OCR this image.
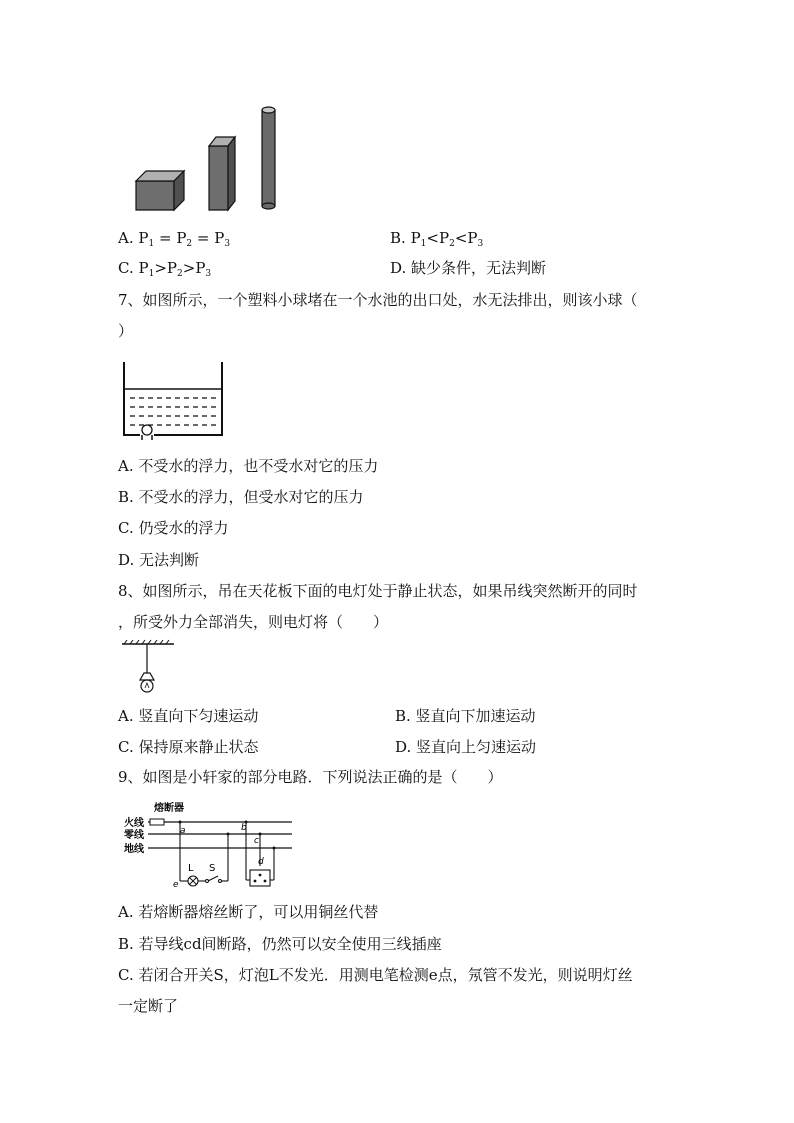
A. $P_1 = P_2 = P_3$	B. $P_1<P_2<P_3$
C. $P_1>P_2>P_3$	D. 缺少条件，无法判断
7、如图所示，一个塑料小球堵在一个水池的出口处，水无法排出，则该小球（
）
A. 不受水的浮力，也不受水对它的压力
B. 不受水的浮力，但受水对它的压力
C. 仍受水的浮力
D. 无法判断
8、如图所示，吊在天花板下面的电灯处于静止状态，如果吊线突然断开的同时
，所受外力全部消失，则电灯将（　　）
A. 竖直向下匀速运动	B. 竖直向下加速运动
C. 保持原来静止状态	D. 竖直向上匀速运动
9、如图是小轩家的部分电路．下列说法正确的是（　　）
熔断器
火线
零线
地线
a
L S
e
b
c
d
A. 若熔断器熔丝断了，可以用铜丝代替
B. 若导线cd间断路，仍然可以安全使用三线插座
C. 若闭合开关S，灯泡L不发光．用测电笔检测e点，氖管不发光，则说明灯丝
一定断了
